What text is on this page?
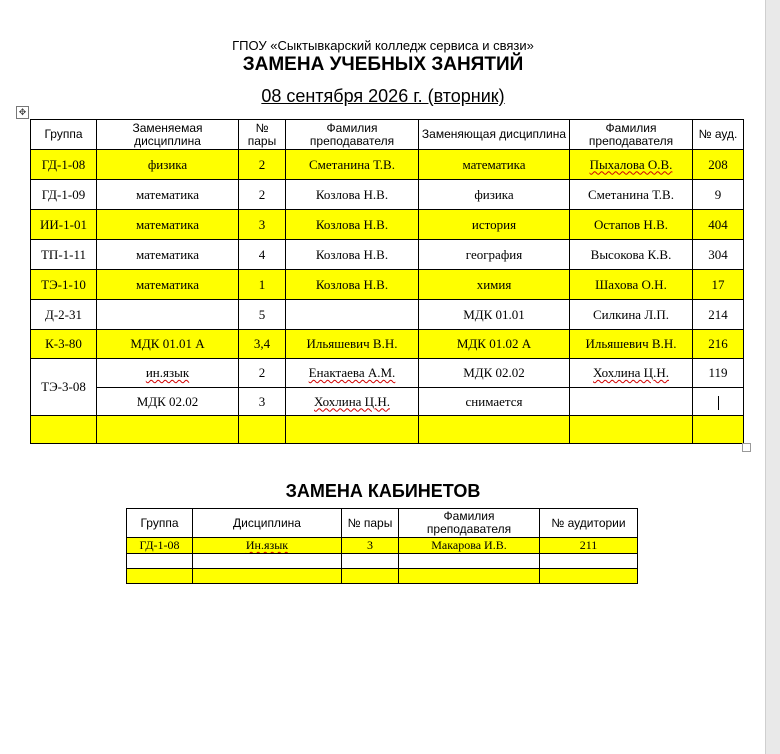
ГПОУ «Сыктывкарский колледж сервиса и связи»
ЗАМЕНА УЧЕБНЫХ ЗАНЯТИЙ
08 сентября 2026 г. (вторник)
✥
Группа	Заменяемая дисциплина	№ пары	Фамилия преподавателя	Заменяющая дисциплина	Фамилия преподавателя	№ ауд.
ГД-1-08	физика	2	Сметанина Т.В.	математика	Пыхалова О.В.	208
ГД-1-09	математика	2	Козлова Н.В.	физика	Сметанина Т.В.	9
ИИ-1-01	математика	3	Козлова Н.В.	история	Остапов Н.В.	404
ТП-1-11	математика	4	Козлова Н.В.	география	Высокова К.В.	304
ТЭ-1-10	математика	1	Козлова Н.В.	химия	Шахова О.Н.	17
Д-2-31		5		МДК 01.01	Силкина Л.П.	214
К-3-80	МДК 01.01 А	3,4	Ильяшевич В.Н.	МДК 01.02 А	Ильяшевич В.Н.	216
ТЭ-3-08	ин.язык	2	Енактаева А.М.	МДК 02.02	Хохлина Ц.Н.	119
	МДК 02.02	3	Хохлина Ц.Н.	снимается		

ЗАМЕНА КАБИНЕТОВ
Группа	Дисциплина	№ пары	Фамилия преподавателя	№ аудитории
ГД-1-08	Ин.язык	3	Макарова И.В.	211
